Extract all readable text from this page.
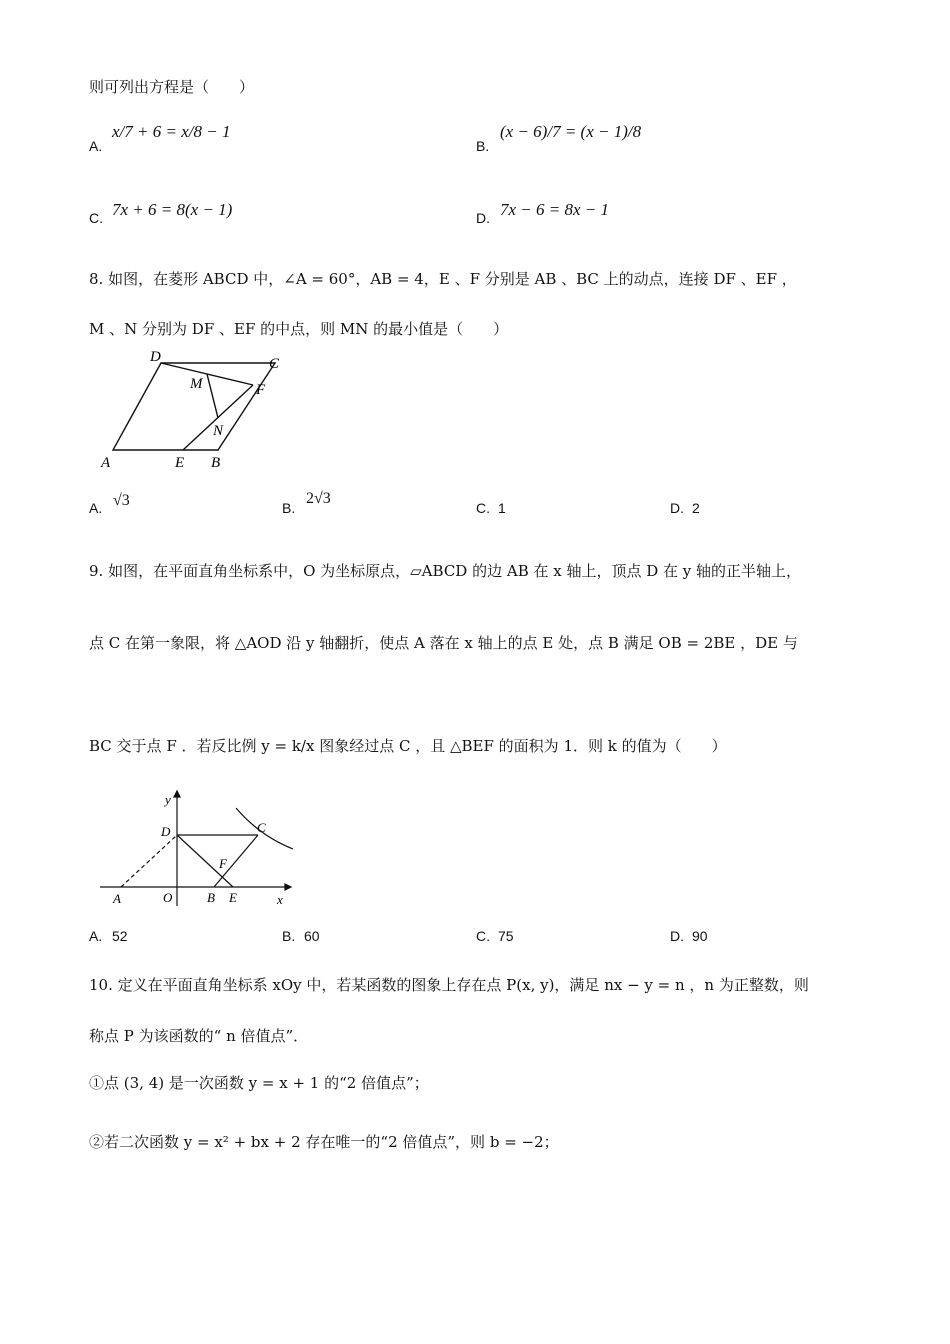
则可列出方程是（　　）
A.
x/7 + 6 = x/8 − 1
B.
(x − 6)/7 = (x − 1)/8
C. 7x + 6 = 8(x − 1)	D. 7x − 6 = 8x − 1
8. 如图，在菱形 ABCD 中，∠A = 60°，AB = 4，E 、F 分别是 AB 、BC 上的动点，连接 DF 、EF ，
M 、N 分别为 DF 、EF 的中点，则 MN 的最小值是（　　）
D	C
M	F
N
A	E B
A. √3	B.
2√3
C. 1	D. 2
9. 如图，在平面直角坐标系中，O 为坐标原点，▱ABCD 的边 AB 在 x 轴上，顶点 D 在 y 轴的正半轴上，
点 C 在第一象限，将 △AOD 沿 y 轴翻折，使点 A 落在 x 轴上的点 E 处，点 B 满足 OB = 2BE ，DE 与
BC 交于点 F ．若反比例 y = k/x 图象经过点 C ，且 △BEF 的面积为 1．则 k 的值为（　　）
y
D	C
F
A	O	B E	x
A. 52	B. 60	C. 75	D. 90
10. 定义在平面直角坐标系 xOy 中，若某函数的图象上存在点 P(x, y)，满足 nx − y = n ，n 为正整数，则
称点 P 为该函数的“ n 倍值点”．
①点 (3, 4) 是一次函数 y = x + 1 的“2 倍值点”；
②若二次函数 y = x² + bx + 2 存在唯一的“2 倍值点”，则 b = −2；
